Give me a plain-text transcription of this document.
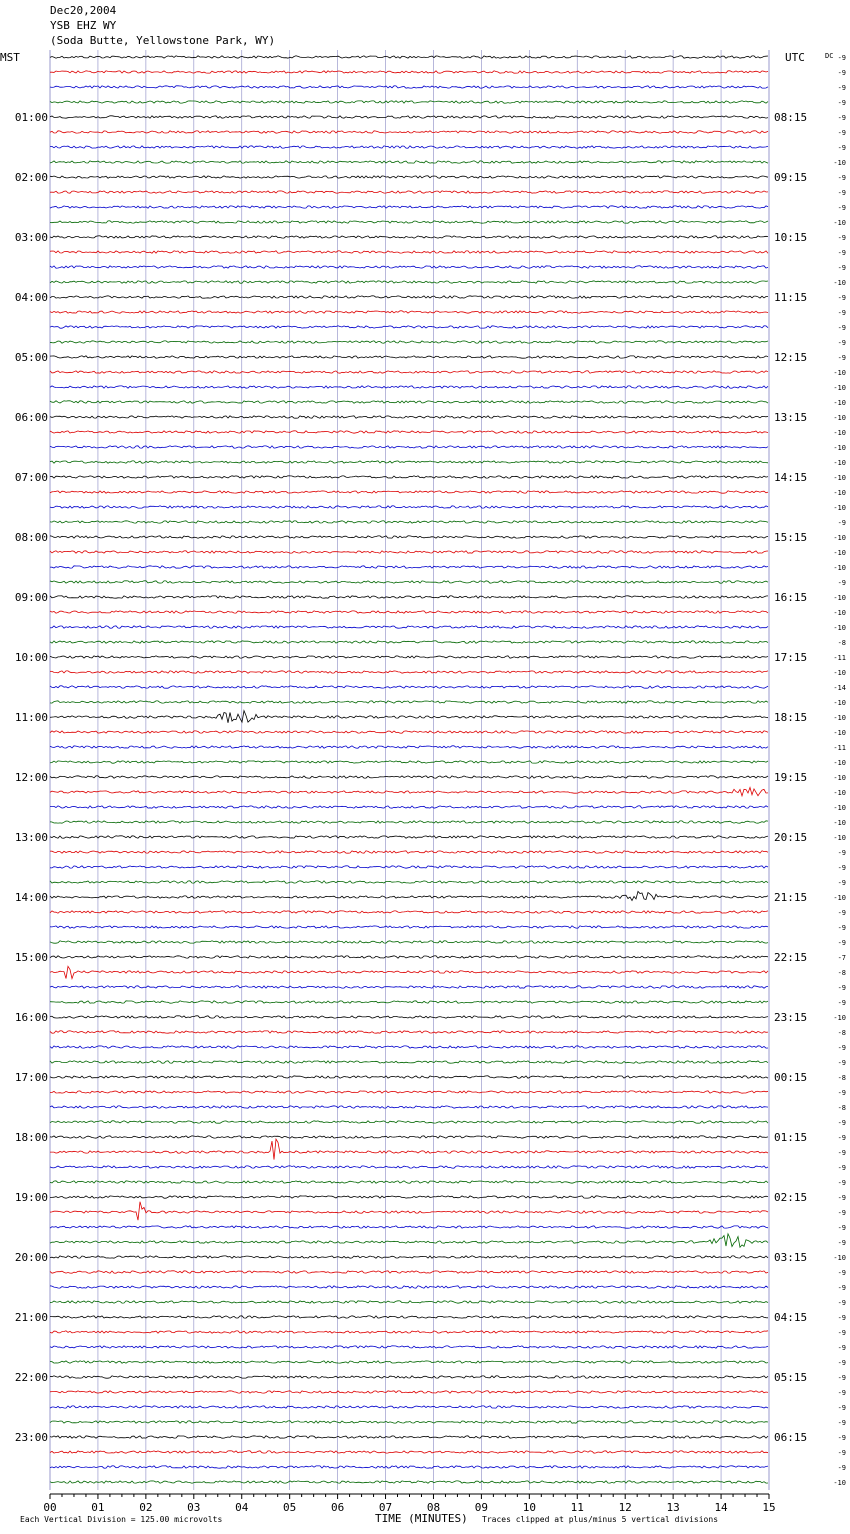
Dec20,2004
YSB EHZ WY
(Soda Butte, Yellowstone Park, WY)
-9
-9
-9
-9
-9
-9
-9
-10
-9
-9
-9
-10
-9
-9
-9
-10
-9
-9
-9
-9
-9
-10
-10
-10
-10
-10
-10
-10
-10
-10
-10
-9
-10
-10
-10
-9
-10
-10
-10
-8
-11
-10
-14
-10
-10
-10
-11
-10
-10
-10
-10
-10
-10
-9
-9
-9
-10
-9
-9
-9
-7
-8
-9
-9
-10
-8
-9
-9
-8
-9
-8
-9
-9
-9
-9
-9
-9
-9
-9
-9
-10
-9
-9
-9
-9
-9
-9
-9
-9
-9
-9
-9
-9
-9
-9
-10
01:00	08:15
02:00	09:15
03:00	10:15
04:00	11:15
05:00	12:15
06:00	13:15
07:00	14:15
08:00	15:15
09:00	16:15
10:00	17:15
11:00	18:15
12:00	19:15
13:00	20:15
14:00	21:15
15:00	22:15
16:00	23:15
17:00	00:15
18:00	01:15
19:00	02:15
20:00	03:15
21:00	04:15
22:00	05:15
23:00	06:15
00	01	02	03	04	05	06	07	08	09	10	11	12	13	14	15
MST	UTC	DC
Each Vertical Division = 125.00 microvolts	TIME (MINUTES) Traces clipped at plus/minus 5 vertical divisions
